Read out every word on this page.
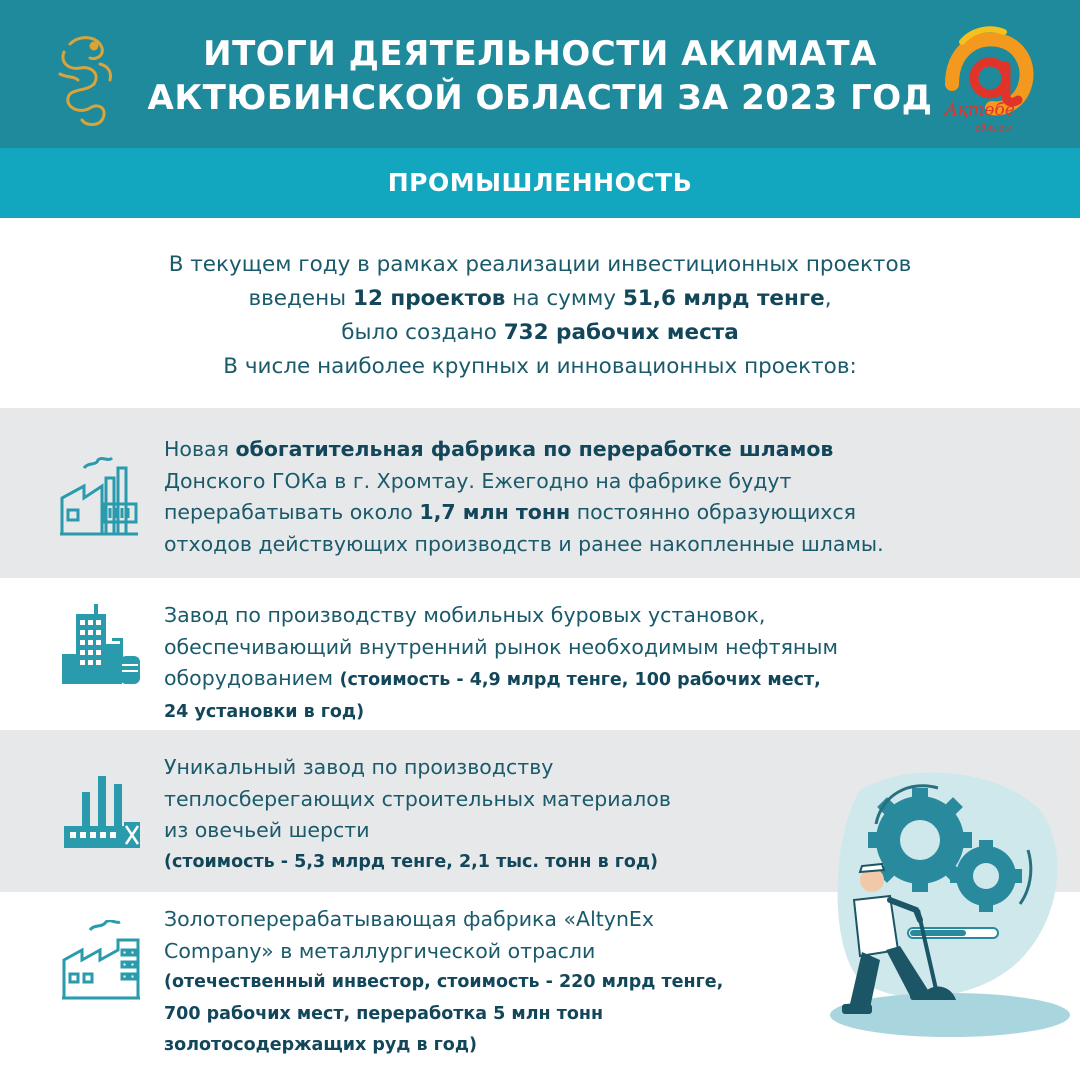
ИТОГИ ДЕЯТЕЛЬНОСТИ АКИМАТА
АКТЮБИНСКОЙ ОБЛАСТИ ЗА 2023 ГОД Ақтөбе
облысы
ПРОМЫШЛЕННОСТЬ
В текущем году в рамках реализации инвестиционных проектов
введены 12 проектов на сумму 51,6 млрд тенге,
было создано 732 рабочих места
В числе наиболее крупных и инновационных проектов:
Новая обогатительная фабрика по переработке шламов
Донского ГОКа в г. Хромтау. Ежегодно на фабрике будут
перерабатывать около 1,7 млн тонн постоянно образующихся
отходов действующих производств и ранее накопленные шламы.
Завод по производству мобильных буровых установок,
обеспечивающий внутренний рынок необходимым нефтяным
оборудованием (стоимость - 4,9 млрд тенге, 100 рабочих мест,
24 установки в год)
Уникальный завод по производству
теплосберегающих строительных материалов
из овечьей шерсти
(стоимость - 5,3 млрд тенге, 2,1 тыс. тонн в год)
Золотоперерабатывающая фабрика «AltynEx
Company» в металлургической отрасли
(отечественный инвестор, стоимость - 220 млрд тенге,
700 рабочих мест, переработка 5 млн тонн
золотосодержащих руд в год)
